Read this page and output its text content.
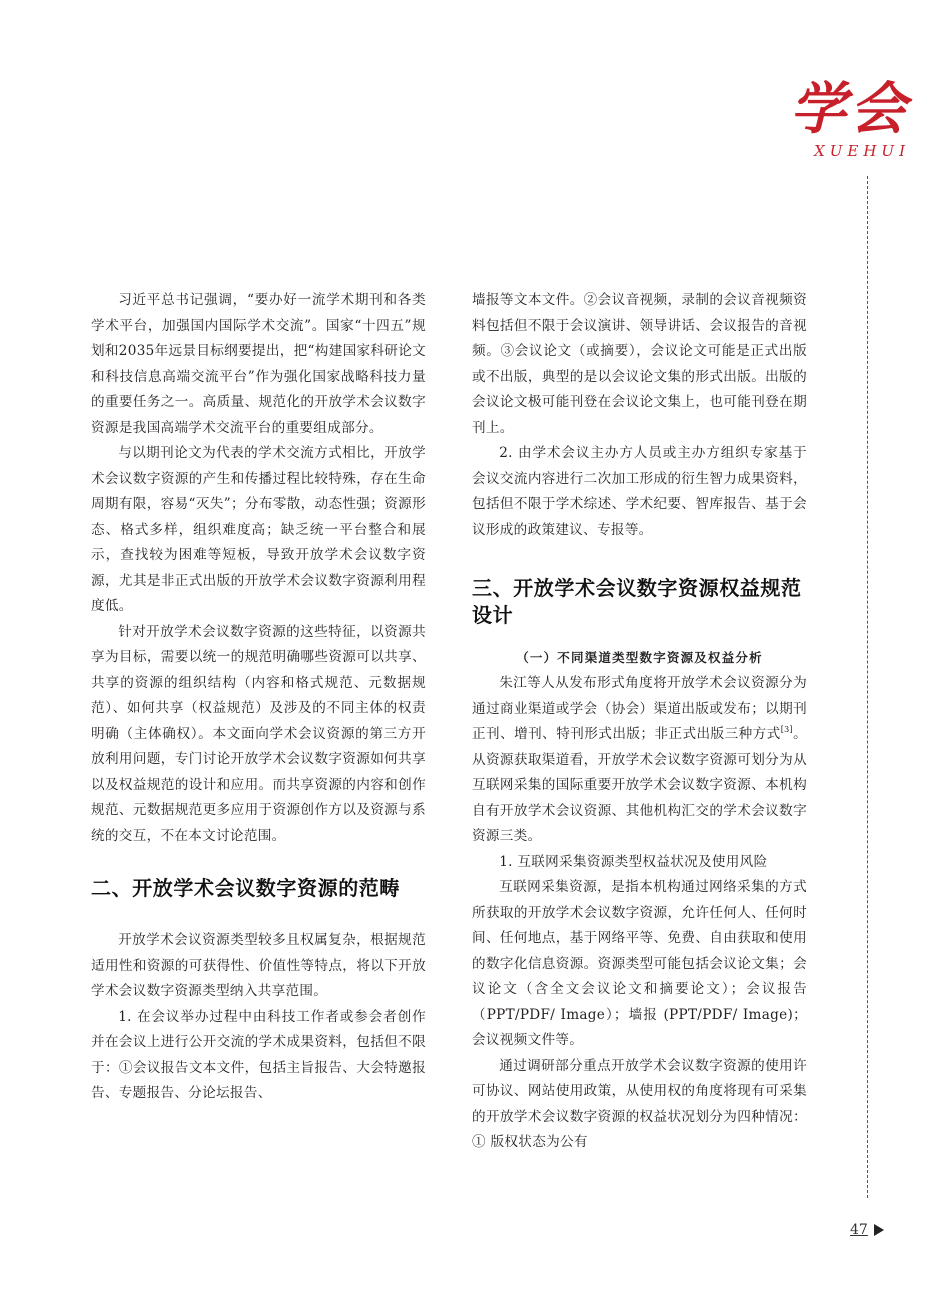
学会
XUEHUI

习近平总书记强调，“要办好一流学术期刊和各类学术平台，加强国内国际学术交流”。国家“十四五”规划和2035年远景目标纲要提出，把“构建国家科研论文和科技信息高端交流平台”作为强化国家战略科技力量的重要任务之一。高质量、规范化的开放学术会议数字资源是我国高端学术交流平台的重要组成部分。

与以期刊论文为代表的学术交流方式相比，开放学术会议数字资源的产生和传播过程比较特殊，存在生命周期有限，容易“灭失”；分布零散，动态性强；资源形态、格式多样，组织难度高；缺乏统一平台整合和展示，查找较为困难等短板，导致开放学术会议数字资源，尤其是非正式出版的开放学术会议数字资源利用程度低。

针对开放学术会议数字资源的这些特征，以资源共享为目标，需要以统一的规范明确哪些资源可以共享、共享的资源的组织结构（内容和格式规范、元数据规范）、如何共享（权益规范）及涉及的不同主体的权责明确（主体确权）。本文面向学术会议资源的第三方开放利用问题，专门讨论开放学术会议数字资源如何共享以及权益规范的设计和应用。而共享资源的内容和创作规范、元数据规范更多应用于资源创作方以及资源与系统的交互，不在本文讨论范围。

二、开放学术会议数字资源的范畴

开放学术会议资源类型较多且权属复杂，根据规范适用性和资源的可获得性、价值性等特点，将以下开放学术会议数字资源类型纳入共享范围。

1. 在会议举办过程中由科技工作者或参会者创作并在会议上进行公开交流的学术成果资料，包括但不限于：①会议报告文本文件，包括主旨报告、大会特邀报告、专题报告、分论坛报告、

墙报等文本文件。②会议音视频，录制的会议音视频资料包括但不限于会议演讲、领导讲话、会议报告的音视频。③会议论文（或摘要），会议论文可能是正式出版或不出版，典型的是以会议论文集的形式出版。出版的会议论文极可能刊登在会议论文集上，也可能刊登在期刊上。

2. 由学术会议主办方人员或主办方组织专家基于会议交流内容进行二次加工形成的衍生智力成果资料，包括但不限于学术综述、学术纪要、智库报告、基于会议形成的政策建议、专报等。

三、开放学术会议数字资源权益规范设计
（一）不同渠道类型数字资源及权益分析

朱江等人从发布形式角度将开放学术会议资源分为通过商业渠道或学会（协会）渠道出版或发布；以期刊正刊、增刊、特刊形式出版；非正式出版三种方式[3]。从资源获取渠道看，开放学术会议数字资源可划分为从互联网采集的国际重要开放学术会议数字资源、本机构自有开放学术会议资源、其他机构汇交的学术会议数字资源三类。

1. 互联网采集资源类型权益状况及使用风险

互联网采集资源，是指本机构通过网络采集的方式所获取的开放学术会议数字资源，允许任何人、任何时间、任何地点，基于网络平等、免费、自由获取和使用的数字化信息资源。资源类型可能包括会议论文集；会议论文（含全文会议论文和摘要论文）；会议报告（PPT/PDF/ Image）；墙报 (PPT/PDF/ Image)；会议视频文件等。

通过调研部分重点开放学术会议数字资源的使用许可协议、网站使用政策，从使用权的角度将现有可采集的开放学术会议数字资源的权益状况划分为四种情况：① 版权状态为公有

47
